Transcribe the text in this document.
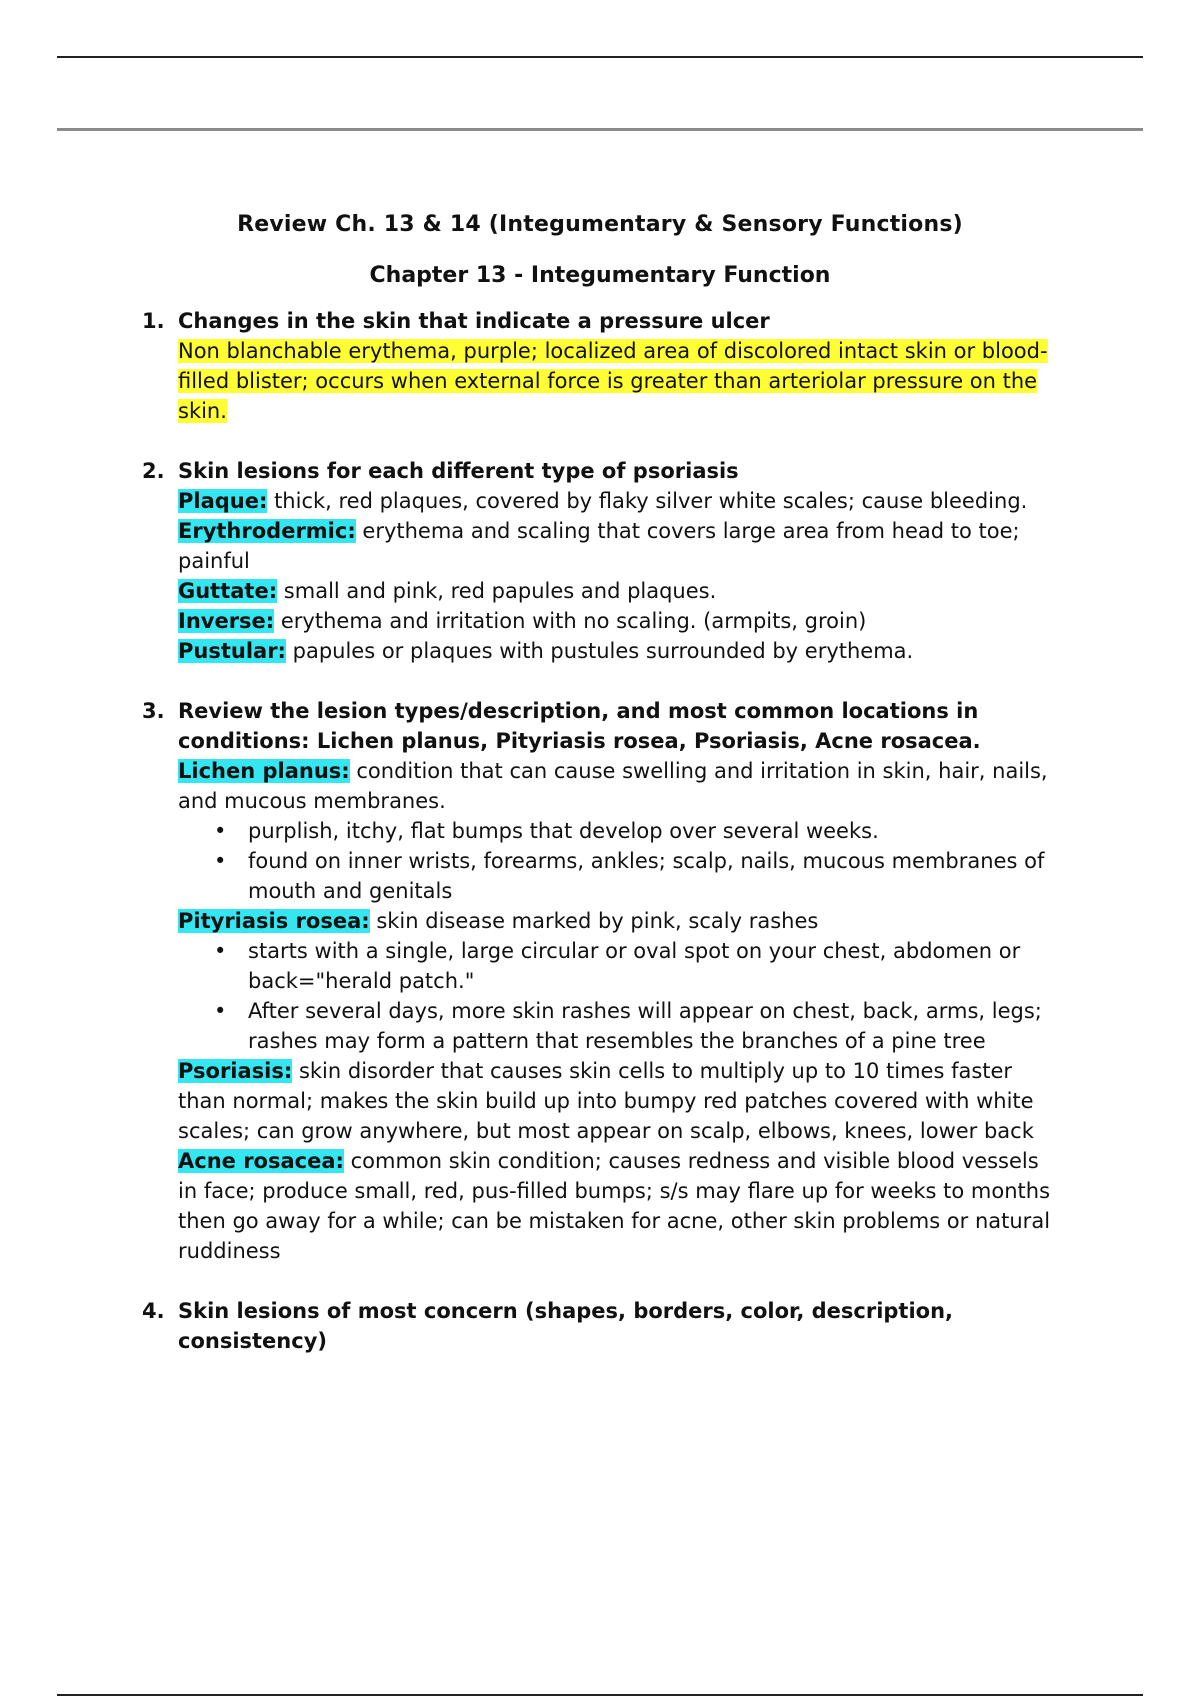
Review Ch. 13 & 14 (Integumentary & Sensory Functions)
Chapter 13 - Integumentary Function
1. Changes in the skin that indicate a pressure ulcer
Non blanchable erythema, purple; localized area of discolored intact skin or blood-filled blister; occurs when external force is greater than arteriolar pressure on the skin.
2. Skin lesions for each different type of psoriasis
Plaque: thick, red plaques, covered by flaky silver white scales; cause bleeding.
Erythrodermic: erythema and scaling that covers large area from head to toe; painful
Guttate: small and pink, red papules and plaques.
Inverse: erythema and irritation with no scaling. (armpits, groin)
Pustular: papules or plaques with pustules surrounded by erythema.
3. Review the lesion types/description, and most common locations in conditions: Lichen planus, Pityriasis rosea, Psoriasis, Acne rosacea.
Lichen planus: condition that can cause swelling and irritation in skin, hair, nails, and mucous membranes.
• purplish, itchy, flat bumps that develop over several weeks.
• found on inner wrists, forearms, ankles; scalp, nails, mucous membranes of mouth and genitals
Pityriasis rosea: skin disease marked by pink, scaly rashes
• starts with a single, large circular or oval spot on your chest, abdomen or back="herald patch."
• After several days, more skin rashes will appear on chest, back, arms, legs; rashes may form a pattern that resembles the branches of a pine tree
Psoriasis: skin disorder that causes skin cells to multiply up to 10 times faster than normal; makes the skin build up into bumpy red patches covered with white scales; can grow anywhere, but most appear on scalp, elbows, knees, lower back
Acne rosacea: common skin condition; causes redness and visible blood vessels in face; produce small, red, pus-filled bumps; s/s may flare up for weeks to months then go away for a while; can be mistaken for acne, other skin problems or natural ruddiness
4. Skin lesions of most concern (shapes, borders, color, description, consistency)
